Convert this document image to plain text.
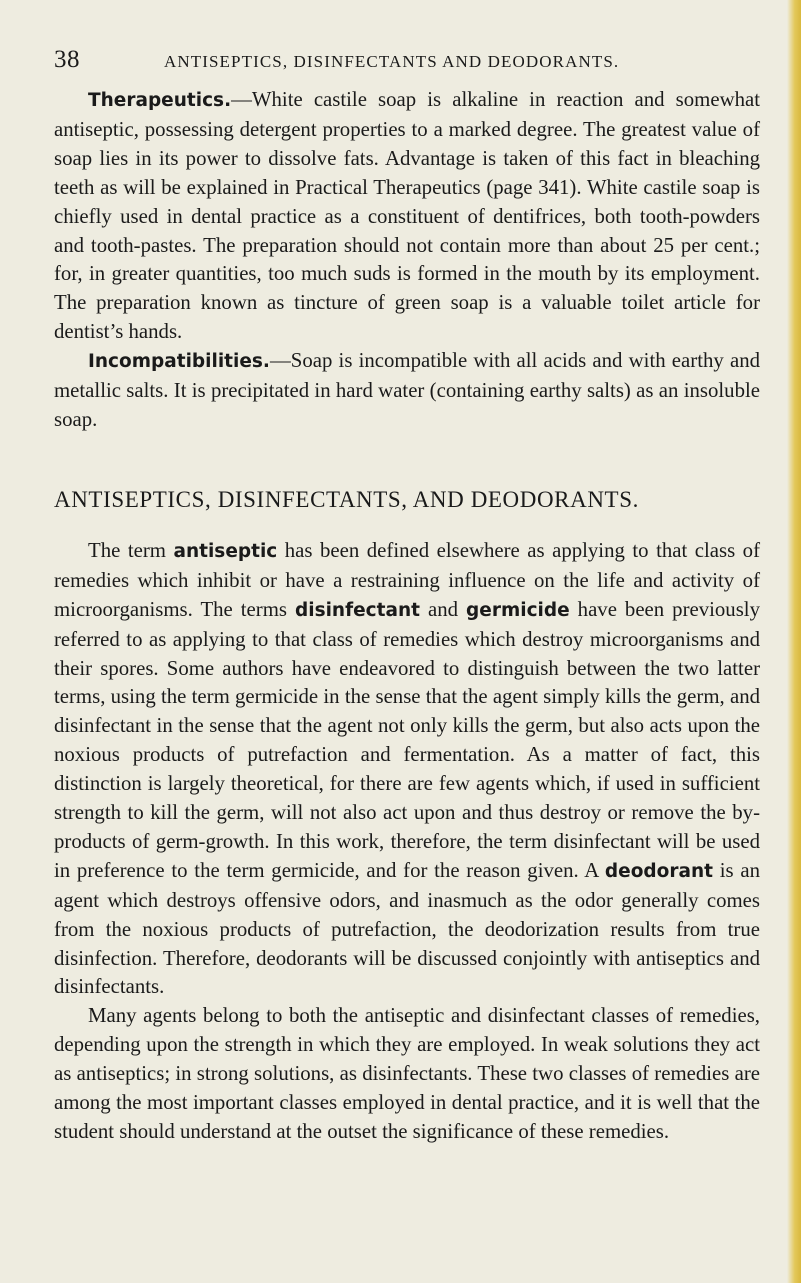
38	ANTISEPTICS, DISINFECTANTS AND DEODORANTS.

Therapeutics.—White castile soap is alkaline in reaction and somewhat antiseptic, possessing detergent properties to a marked degree. The greatest value of soap lies in its power to dissolve fats. Advantage is taken of this fact in bleaching teeth as will be explained in Practical Therapeutics (page 341). White castile soap is chiefly used in dental practice as a constituent of dentifrices, both tooth-powders and tooth-pastes. The preparation should not contain more than about 25 per cent.; for, in greater quantities, too much suds is formed in the mouth by its employment. The preparation known as tincture of green soap is a valuable toilet article for dentist’s hands.

Incompatibilities.—Soap is incompatible with all acids and with earthy and metallic salts. It is precipitated in hard water (containing earthy salts) as an insoluble soap.

ANTISEPTICS, DISINFECTANTS, AND DEODORANTS.

The term antiseptic has been defined elsewhere as applying to that class of remedies which inhibit or have a restraining influence on the life and activity of microorganisms. The terms disinfectant and germicide have been previously referred to as applying to that class of remedies which destroy microorganisms and their spores. Some authors have endeavored to distinguish between the two latter terms, using the term germicide in the sense that the agent simply kills the germ, and disinfectant in the sense that the agent not only kills the germ, but also acts upon the noxious products of putrefaction and fermentation. As a matter of fact, this distinction is largely theoretical, for there are few agents which, if used in sufficient strength to kill the germ, will not also act upon and thus destroy or remove the by-products of germ-growth. In this work, therefore, the term disinfectant will be used in preference to the term germicide, and for the reason given. A deodorant is an agent which destroys offensive odors, and inasmuch as the odor generally comes from the noxious products of putrefaction, the deodorization results from true disinfection. Therefore, deodorants will be discussed conjointly with antiseptics and disinfectants.

Many agents belong to both the antiseptic and disinfectant classes of remedies, depending upon the strength in which they are employed. In weak solutions they act as antiseptics; in strong solutions, as disinfectants. These two classes of remedies are among the most important classes employed in dental practice, and it is well that the student should understand at the outset the significance of these remedies.
